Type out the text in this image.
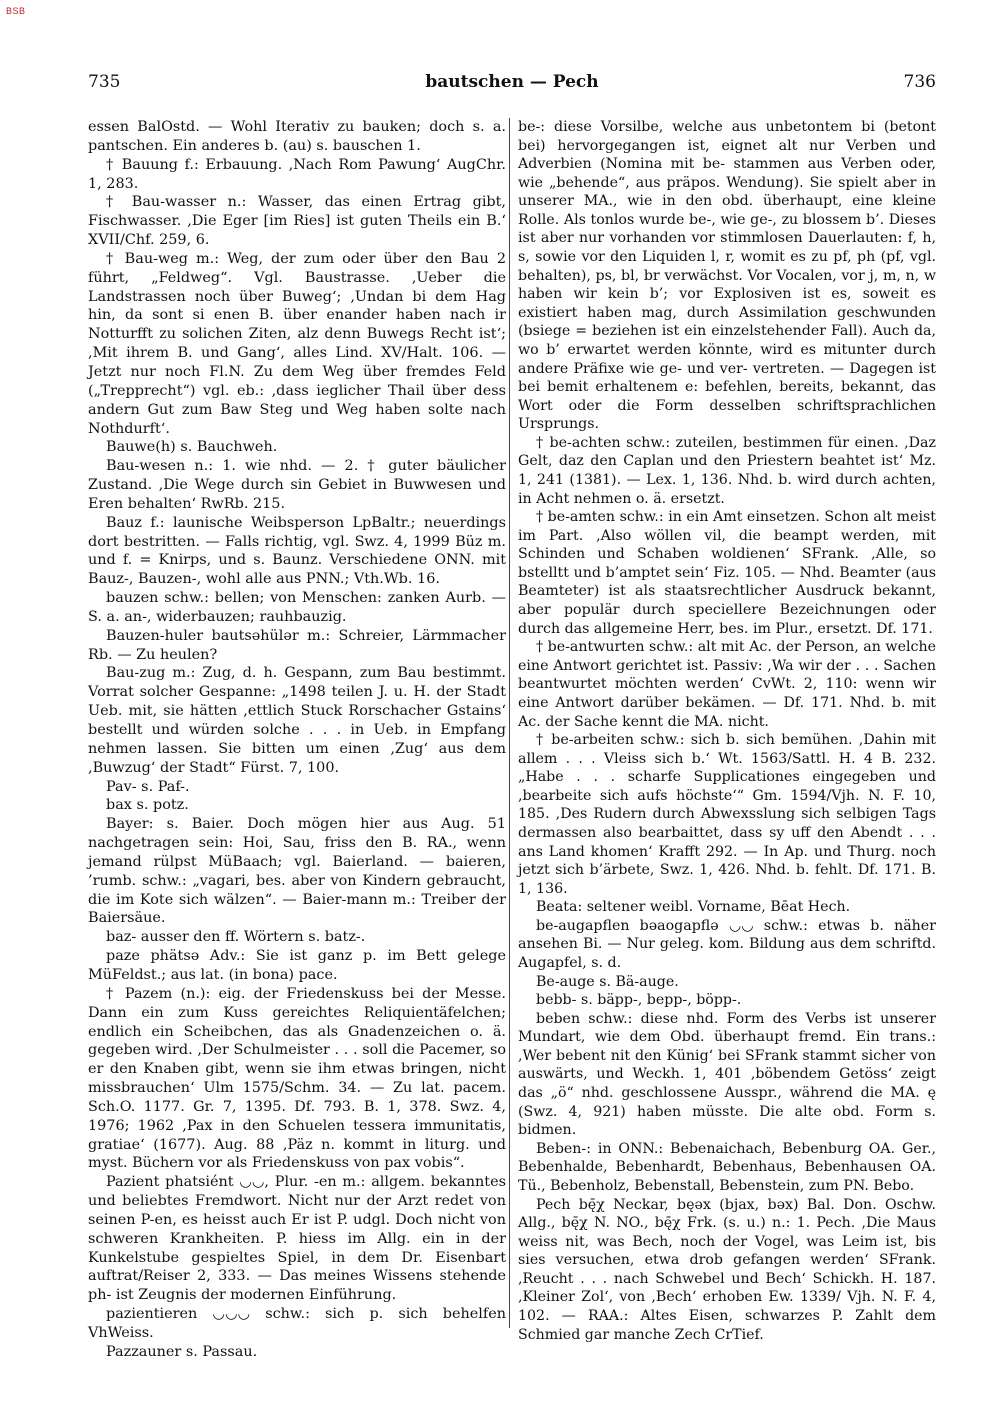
BSB
735	bautschen — Pech	736

essen BalOstd. — Wohl Iterativ zu bauken; doch s. a. pantschen. Ein anderes b. (au) s. bauschen 1.

† Bauung f.: Erbauung. ,Nach Rom Pawung‘ AugChr. 1, 283.

† Bau-wasser n.: Wasser, das einen Ertrag gibt, Fischwasser. ,Die Eger [im Ries] ist guten Theils ein B.‘ XVII/Chf. 259, 6.

† Bau-weg m.: Weg, der zum oder über den Bau 2 führt, „Feldweg“. Vgl. Baustrasse. ,Ueber die Landstrassen noch über Buweg‘; ,Undan bi dem Hag hin, da sont si enen B. über enander haben nach ir Notturfft zu solichen Ziten, alz denn Buwegs Recht ist‘; ,Mit ihrem B. und Gang‘, alles Lind. XV/Halt. 106. — Jetzt nur noch Fl.N. Zu dem Weg über fremdes Feld („Trepprecht“) vgl. eb.: ,dass ieglicher Thail über dess andern Gut zum Baw Steg und Weg haben solte nach Nothdurft‘.

Bauwe(h) s. Bauchweh.

Bau-wesen n.: 1. wie nhd. — 2. † guter bäulicher Zustand. ,Die Wege durch sin Gebiet in Buwwesen und Eren behalten‘ RwRb. 215.

Bauz f.: launische Weibsperson LpBaltr.; neuerdings dort bestritten. — Falls richtig, vgl. Swz. 4, 1999 Büz m. und f. = Knirps, und s. Baunz. Verschiedene ONN. mit Bauz-, Bauzen-, wohl alle aus PNN.; Vth.Wb. 16.

bauzen schw.: bellen; von Menschen: zanken Aurb. — S. a. an-, widerbauzen; rauhbauzig.

Bauzen-huler bautsəhülər m.: Schreier, Lärmmacher Rb. — Zu heulen?

Bau-zug m.: Zug, d. h. Gespann, zum Bau bestimmt. Vorrat solcher Gespanne: „1498 teilen J. u. H. der Stadt Ueb. mit, sie hätten ,ettlich Stuck Rorschacher Gstains‘ bestellt und würden solche . . . in Ueb. in Empfang nehmen lassen. Sie bitten um einen ,Zug‘ aus dem ,Buwzug‘ der Stadt“ Fürst. 7, 100.

Pav- s. Paf-.

bax s. potz.

Bayer: s. Baier. Doch mögen hier aus Aug. 51 nachgetragen sein: Hoi, Sau, friss den B. RA., wenn jemand rülpst MüBaach; vgl. Baierland. — baieren, ’rumb. schw.: „vagari, bes. aber von Kindern gebraucht, die im Kote sich wälzen“. — Baier-mann m.: Treiber der Baiersäue.

baz- ausser den ff. Wörtern s. batz-.

paze phätsə Adv.: Sie ist ganz p. im Bett gelege MüFeldst.; aus lat. (in bona) pace.

† Pazem (n.): eig. der Friedenskuss bei der Messe. Dann ein zum Kuss gereichtes Reliquientäfelchen; endlich ein Scheibchen, das als Gnadenzeichen o. ä. gegeben wird. ,Der Schulmeister . . . soll die Pacemer, so er den Knaben gibt, wenn sie ihm etwas bringen, nicht missbrauchen‘ Ulm 1575/Schm. 34. — Zu lat. pacem. Sch.O. 1177. Gr. 7, 1395. Df. 793. B. 1, 378. Swz. 4, 1976; 1962 ,Pax in den Schuelen tessera immunitatis, gratiae‘ (1677). Aug. 88 ,Päz n. kommt in liturg. und myst. Büchern vor als Friedenskuss von pax vobis“.

Pazient phatsiént ◡◡, Plur. -en m.: allgem. bekanntes und beliebtes Fremdwort. Nicht nur der Arzt redet von seinen P-en, es heisst auch Er ist P. udgl. Doch nicht von schweren Krankheiten. P. hiess im Allg. ein in der Kunkelstube gespieltes Spiel, in dem Dr. Eisenbart auftrat/Reiser 2, 333. — Das meines Wissens stehende ph- ist Zeugnis der modernen Einführung.

pazientieren ◡◡◡ schw.: sich p. sich behelfen VhWeiss.

Pazzauner s. Passau.

be-: diese Vorsilbe, welche aus unbetontem bi (betont bei) hervorgegangen ist, eignet alt nur Verben und Adverbien (Nomina mit be- stammen aus Verben oder, wie „behende“, aus präpos. Wendung). Sie spielt aber in unserer MA., wie in den obd. überhaupt, eine kleine Rolle. Als tonlos wurde be-, wie ge-, zu blossem b’. Dieses ist aber nur vorhanden vor stimmlosen Dauerlauten: f, h, s, sowie vor den Liquiden l, r, womit es zu pf, ph (pf, vgl. behalten), ps, bl, br verwächst. Vor Vocalen, vor j, m, n, w haben wir kein b’; vor Explosiven ist es, soweit es existiert haben mag, durch Assimilation geschwunden (bsiege = beziehen ist ein einzelstehender Fall). Auch da, wo b’ erwartet werden könnte, wird es mitunter durch andere Präfixe wie ge- und ver- vertreten. — Dagegen ist bei bemit erhaltenem e: befehlen, bereits, bekannt, das Wort oder die Form desselben schriftsprachlichen Ursprungs.

† be-achten schw.: zuteilen, bestimmen für einen. ,Daz Gelt, daz den Caplan und den Priestern beahtet ist‘ Mz. 1, 241 (1381). — Lex. 1, 136. Nhd. b. wird durch achten, in Acht nehmen o. ä. ersetzt.

† be-amten schw.: in ein Amt einsetzen. Schon alt meist im Part. ,Also wöllen vil, die beampt werden, mit Schinden und Schaben woldienen‘ SFrank. ,Alle, so bstelltt und b’amptet sein‘ Fiz. 105. — Nhd. Beamter (aus Beamteter) ist als staatsrechtlicher Ausdruck bekannt, aber populär durch speciellere Bezeichnungen oder durch das allgemeine Herr, bes. im Plur., ersetzt. Df. 171.

† be-antwurten schw.: alt mit Ac. der Person, an welche eine Antwort gerichtet ist. Passiv: ,Wa wir der . . . Sachen beantwurtet möchten werden‘ CvWt. 2, 110: wenn wir eine Antwort darüber bekämen. — Df. 171. Nhd. b. mit Ac. der Sache kennt die MA. nicht.

† be-arbeiten schw.: sich b. sich bemühen. ,Dahin mit allem . . . Vleiss sich b.‘ Wt. 1563/Sattl. H. 4 B. 232. „Habe . . . scharfe Supplicationes eingegeben und ,bearbeite sich aufs höchste‘“ Gm. 1594/Vjh. N. F. 10, 185. ,Des Rudern durch Abwexsslung sich selbigen Tags dermassen also bearbaittet, dass sy uff den Abendt . . . ans Land khomen‘ Krafft 292. — In Ap. und Thurg. noch jetzt sich b’ärbete, Swz. 1, 426. Nhd. b. fehlt. Df. 171. B. 1, 136.

Beata: seltener weibl. Vorname, Bēat Hech.

be-augapflen bəaogapflə ◡◡ schw.: etwas b. näher ansehen Bi. — Nur geleg. kom. Bildung aus dem schriftd. Augapfel, s. d.

Be-auge s. Bä-auge.

bebb- s. bäpp-, bepp-, böpp-.

beben schw.: diese nhd. Form des Verbs ist unserer Mundart, wie dem Obd. überhaupt fremd. Ein trans.: ,Wer bebent nit den Künig‘ bei SFrank stammt sicher von auswärts, und Weckh. 1, 401 ,böbendem Getöss‘ zeigt das „ö“ nhd. geschlossene Ausspr., während die MA. ę (Swz. 4, 921) haben müsste. Die alte obd. Form s. bidmen.

Beben-: in ONN.: Bebenaichach, Bebenburg OA. Ger., Bebenhalde, Bebenhardt, Bebenhaus, Bebenhausen OA. Tü., Bebenholz, Bebenstall, Bebenstein, zum PN. Bebo.

Pech bę̄χ Neckar, bęəx (bjax, bəx) Bal. Don. Oschw. Allg., bę̄χ N. NO., bę̄χ Frk. (s. u.) n.: 1. Pech. ,Die Maus weiss nit, was Bech, noch der Vogel, was Leim ist, bis sies versuchen, etwa drob gefangen werden‘ SFrank. ,Reucht . . . nach Schwebel und Bech‘ Schickh. H. 187. ,Kleiner Zol‘, von ,Bech‘ erhoben Ew. 1339/ Vjh. N. F. 4, 102. — RAA.: Altes Eisen, schwarzes P. Zahlt dem Schmied gar manche Zech CrTief.
